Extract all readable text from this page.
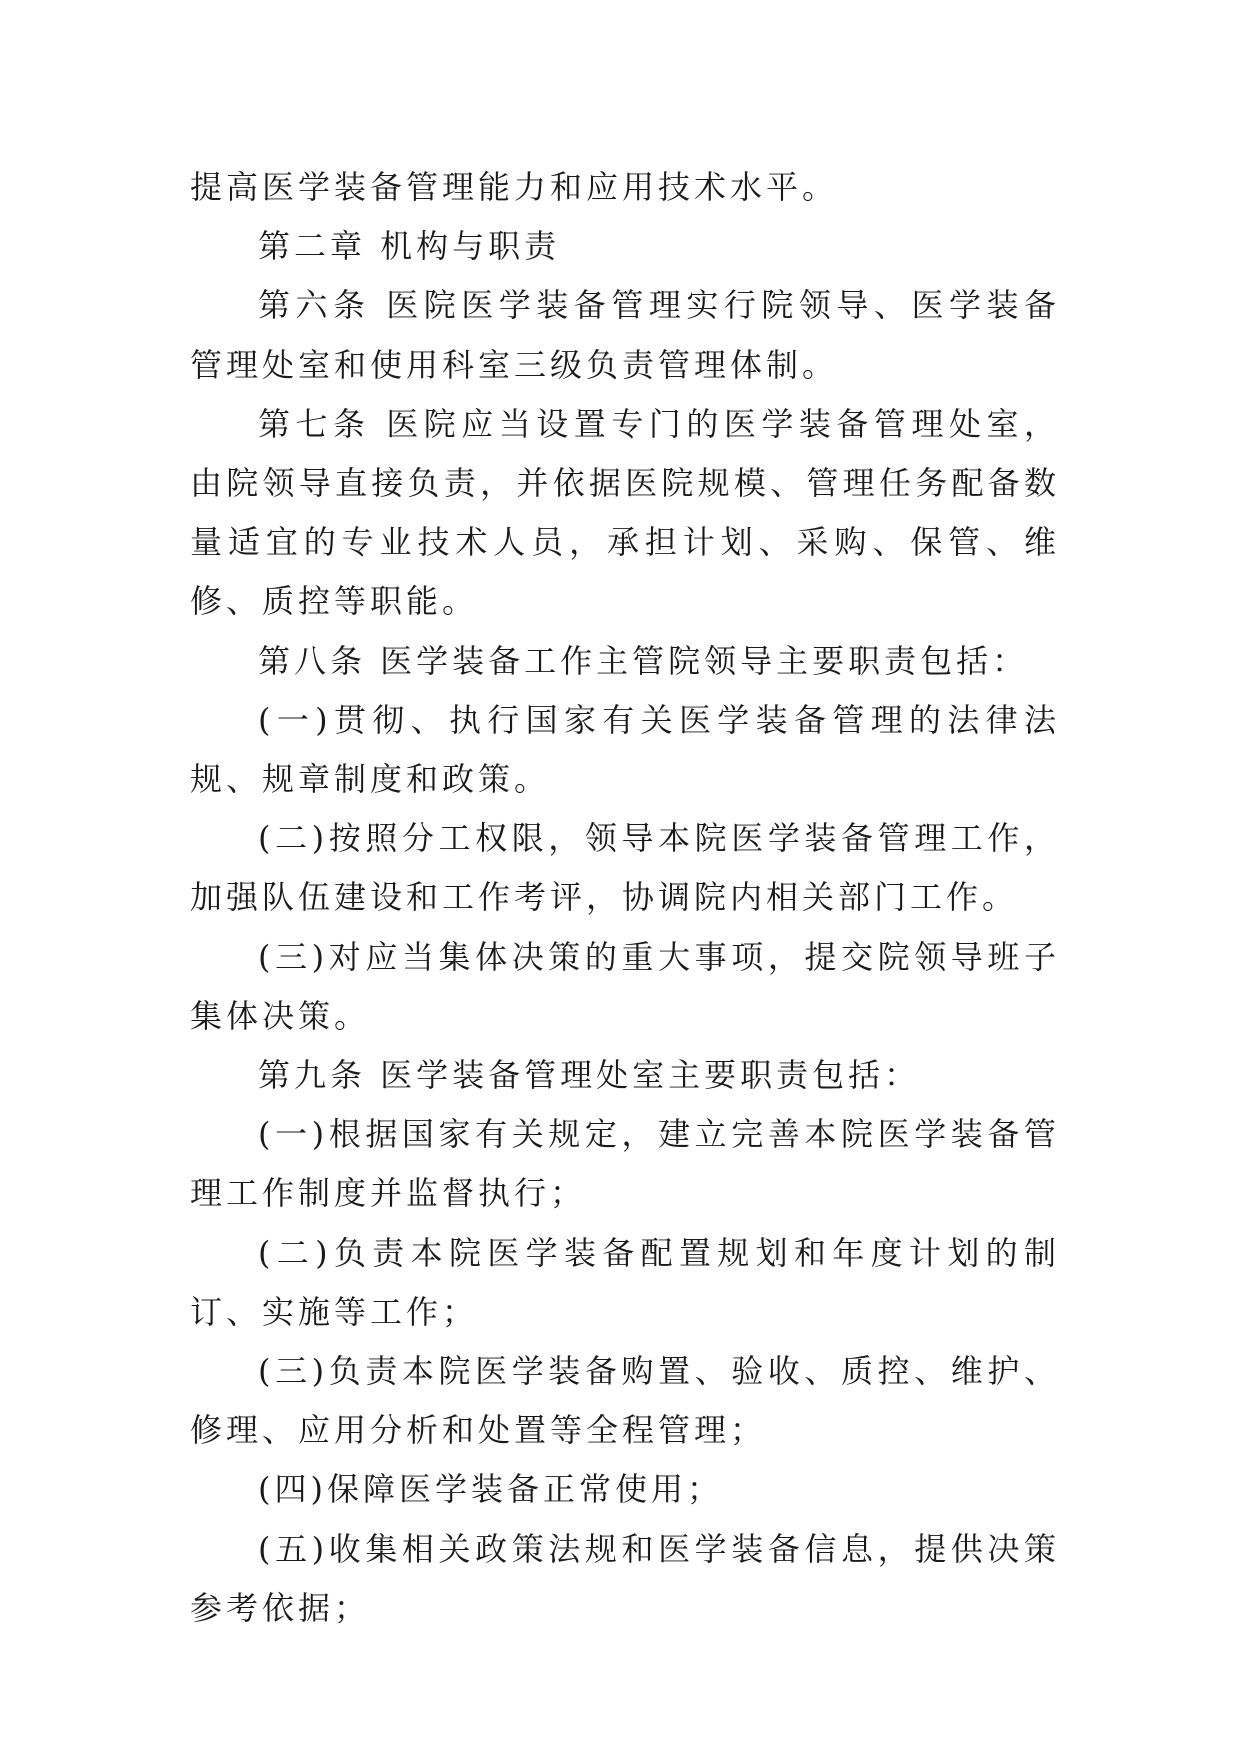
提高医学装备管理能力和应用技术水平。

第二章 机构与职责

第六条 医院医学装备管理实行院领导、医学装备管理处室和使用科室三级负责管理体制。

第七条 医院应当设置专门的医学装备管理处室，由院领导直接负责，并依据医院规模、管理任务配备数量适宜的专业技术人员，承担计划、采购、保管、维修、质控等职能。

第八条 医学装备工作主管院领导主要职责包括：

(一)贯彻、执行国家有关医学装备管理的法律法规、规章制度和政策。

(二)按照分工权限，领导本院医学装备管理工作，加强队伍建设和工作考评，协调院内相关部门工作。

(三)对应当集体决策的重大事项，提交院领导班子集体决策。

第九条 医学装备管理处室主要职责包括：

(一)根据国家有关规定，建立完善本院医学装备管理工作制度并监督执行；

(二)负责本院医学装备配置规划和年度计划的制订、实施等工作；

(三)负责本院医学装备购置、验收、质控、维护、修理、应用分析和处置等全程管理；

(四)保障医学装备正常使用；

(五)收集相关政策法规和医学装备信息，提供决策参考依据；
